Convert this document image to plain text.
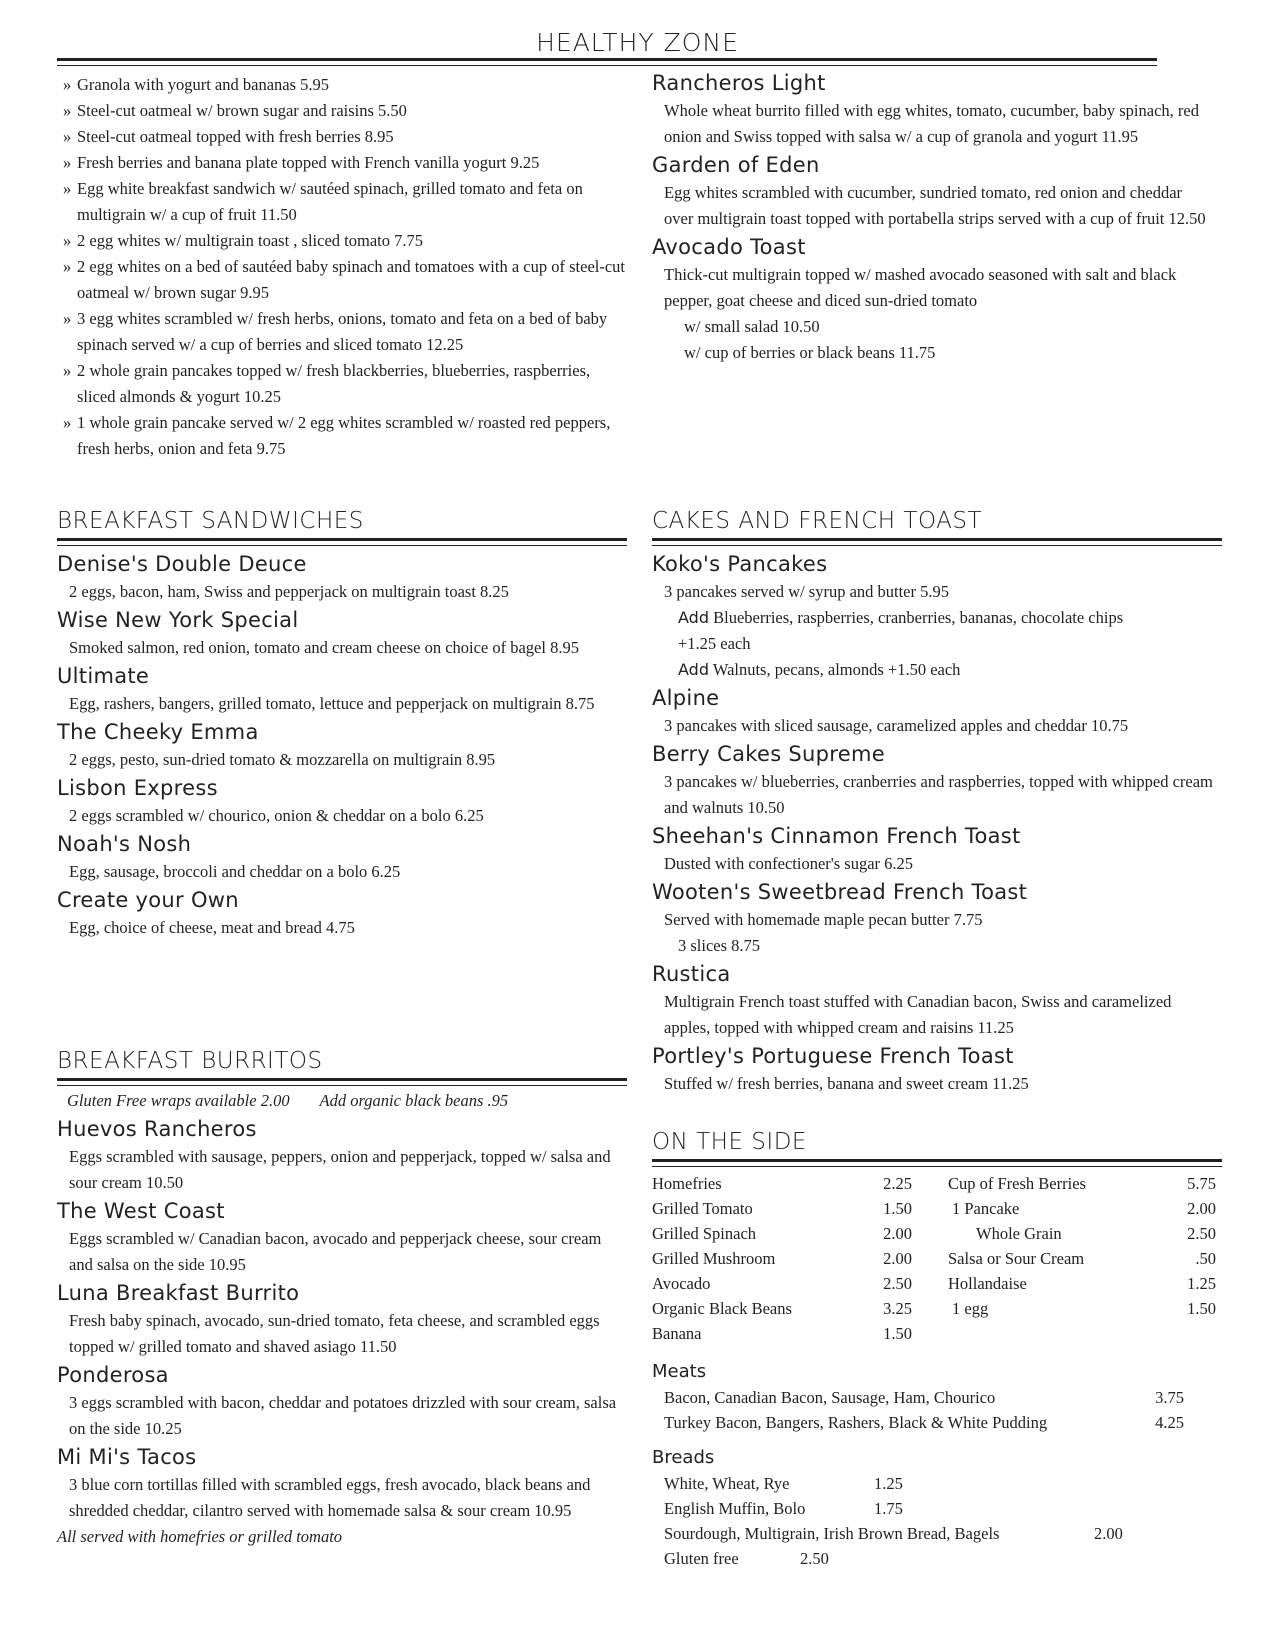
HEALTHY ZONE
» Granola with yogurt and bananas 5.95
» Steel-cut oatmeal w/ brown sugar and raisins 5.50
» Steel-cut oatmeal topped with fresh berries 8.95
» Fresh berries and banana plate topped with French vanilla yogurt 9.25
» Egg white breakfast sandwich w/ sautéed spinach, grilled tomato and feta on multigrain w/ a cup of fruit 11.50
» 2 egg whites w/ multigrain toast , sliced tomato 7.75
» 2 egg whites on a bed of sautéed baby spinach and tomatoes with a cup of steel-cut oatmeal w/ brown sugar 9.95
» 3 egg whites scrambled w/ fresh herbs, onions, tomato and feta on a bed of baby spinach served w/ a cup of berries and sliced tomato 12.25
» 2 whole grain pancakes topped w/ fresh blackberries, blueberries, raspberries, sliced almonds & yogurt 10.25
» 1 whole grain pancake served w/ 2 egg whites scrambled w/ roasted red peppers, fresh herbs, onion and feta 9.75
Rancheros Light
Whole wheat burrito filled with egg whites, tomato, cucumber, baby spinach, red onion and Swiss topped with salsa w/ a cup of granola and yogurt 11.95
Garden of Eden
Egg whites scrambled with cucumber, sundried tomato, red onion and cheddar over multigrain toast topped with portabella strips served with a cup of fruit 12.50
Avocado Toast
Thick-cut multigrain topped w/ mashed avocado seasoned with salt and black pepper, goat cheese and diced sun-dried tomato
w/ small salad 10.50
w/ cup of berries or black beans 11.75
BREAKFAST SANDWICHES
Denise's Double Deuce
2 eggs, bacon, ham, Swiss and pepperjack on multigrain toast 8.25
Wise New York Special
Smoked salmon, red onion, tomato and cream cheese on choice of bagel 8.95
Ultimate
Egg, rashers, bangers, grilled tomato, lettuce and pepperjack on multigrain 8.75
The Cheeky Emma
2 eggs, pesto, sun-dried tomato & mozzarella on multigrain 8.95
Lisbon Express
2 eggs scrambled w/ chourico, onion & cheddar on a bolo 6.25
Noah's Nosh
Egg, sausage, broccoli and cheddar on a bolo 6.25
Create your Own
Egg, choice of cheese, meat and bread 4.75
BREAKFAST BURRITOS
Gluten Free wraps available 2.00 Add organic black beans .95
Huevos Rancheros
Eggs scrambled with sausage, peppers, onion and pepperjack, topped w/ salsa and sour cream 10.50
The West Coast
Eggs scrambled w/ Canadian bacon, avocado and pepperjack cheese, sour cream and salsa on the side 10.95
Luna Breakfast Burrito
Fresh baby spinach, avocado, sun-dried tomato, feta cheese, and scrambled eggs topped w/ grilled tomato and shaved asiago 11.50
Ponderosa
3 eggs scrambled with bacon, cheddar and potatoes drizzled with sour cream, salsa on the side 10.25
Mi Mi's Tacos
3 blue corn tortillas filled with scrambled eggs, fresh avocado, black beans and shredded cheddar, cilantro served with homemade salsa & sour cream 10.95
All served with homefries or grilled tomato
CAKES AND FRENCH TOAST
Koko's Pancakes
3 pancakes served w/ syrup and butter 5.95
Add Blueberries, raspberries, cranberries, bananas, chocolate chips
+1.25 each
Add Walnuts, pecans, almonds +1.50 each
Alpine
3 pancakes with sliced sausage, caramelized apples and cheddar 10.75
Berry Cakes Supreme
3 pancakes w/ blueberries, cranberries and raspberries, topped with whipped cream and walnuts 10.50
Sheehan's Cinnamon French Toast
Dusted with confectioner's sugar 6.25
Wooten's Sweetbread French Toast
Served with homemade maple pecan butter 7.75
3 slices 8.75
Rustica
Multigrain French toast stuffed with Canadian bacon, Swiss and caramelized apples, topped with whipped cream and raisins 11.25
Portley's Portuguese French Toast
Stuffed w/ fresh berries, banana and sweet cream 11.25
ON THE SIDE
Homefries	2.25
Grilled Tomato	1.50
Grilled Spinach	2.00
Grilled Mushroom	2.00
Avocado	2.50
Organic Black Beans	3.25
Banana	1.50
Cup of Fresh Berries	5.75
1 Pancake	2.00
Whole Grain	2.50
Salsa or Sour Cream	.50
Hollandaise	1.25
1 egg	1.50
Meats
Bacon, Canadian Bacon, Sausage, Ham, Chourico	3.75
Turkey Bacon, Bangers, Rashers, Black & White Pudding	4.25
Breads
White, Wheat, Rye	1.25
English Muffin, Bolo	1.75
Sourdough, Multigrain, Irish Brown Bread, Bagels	2.00
Gluten free	2.50
